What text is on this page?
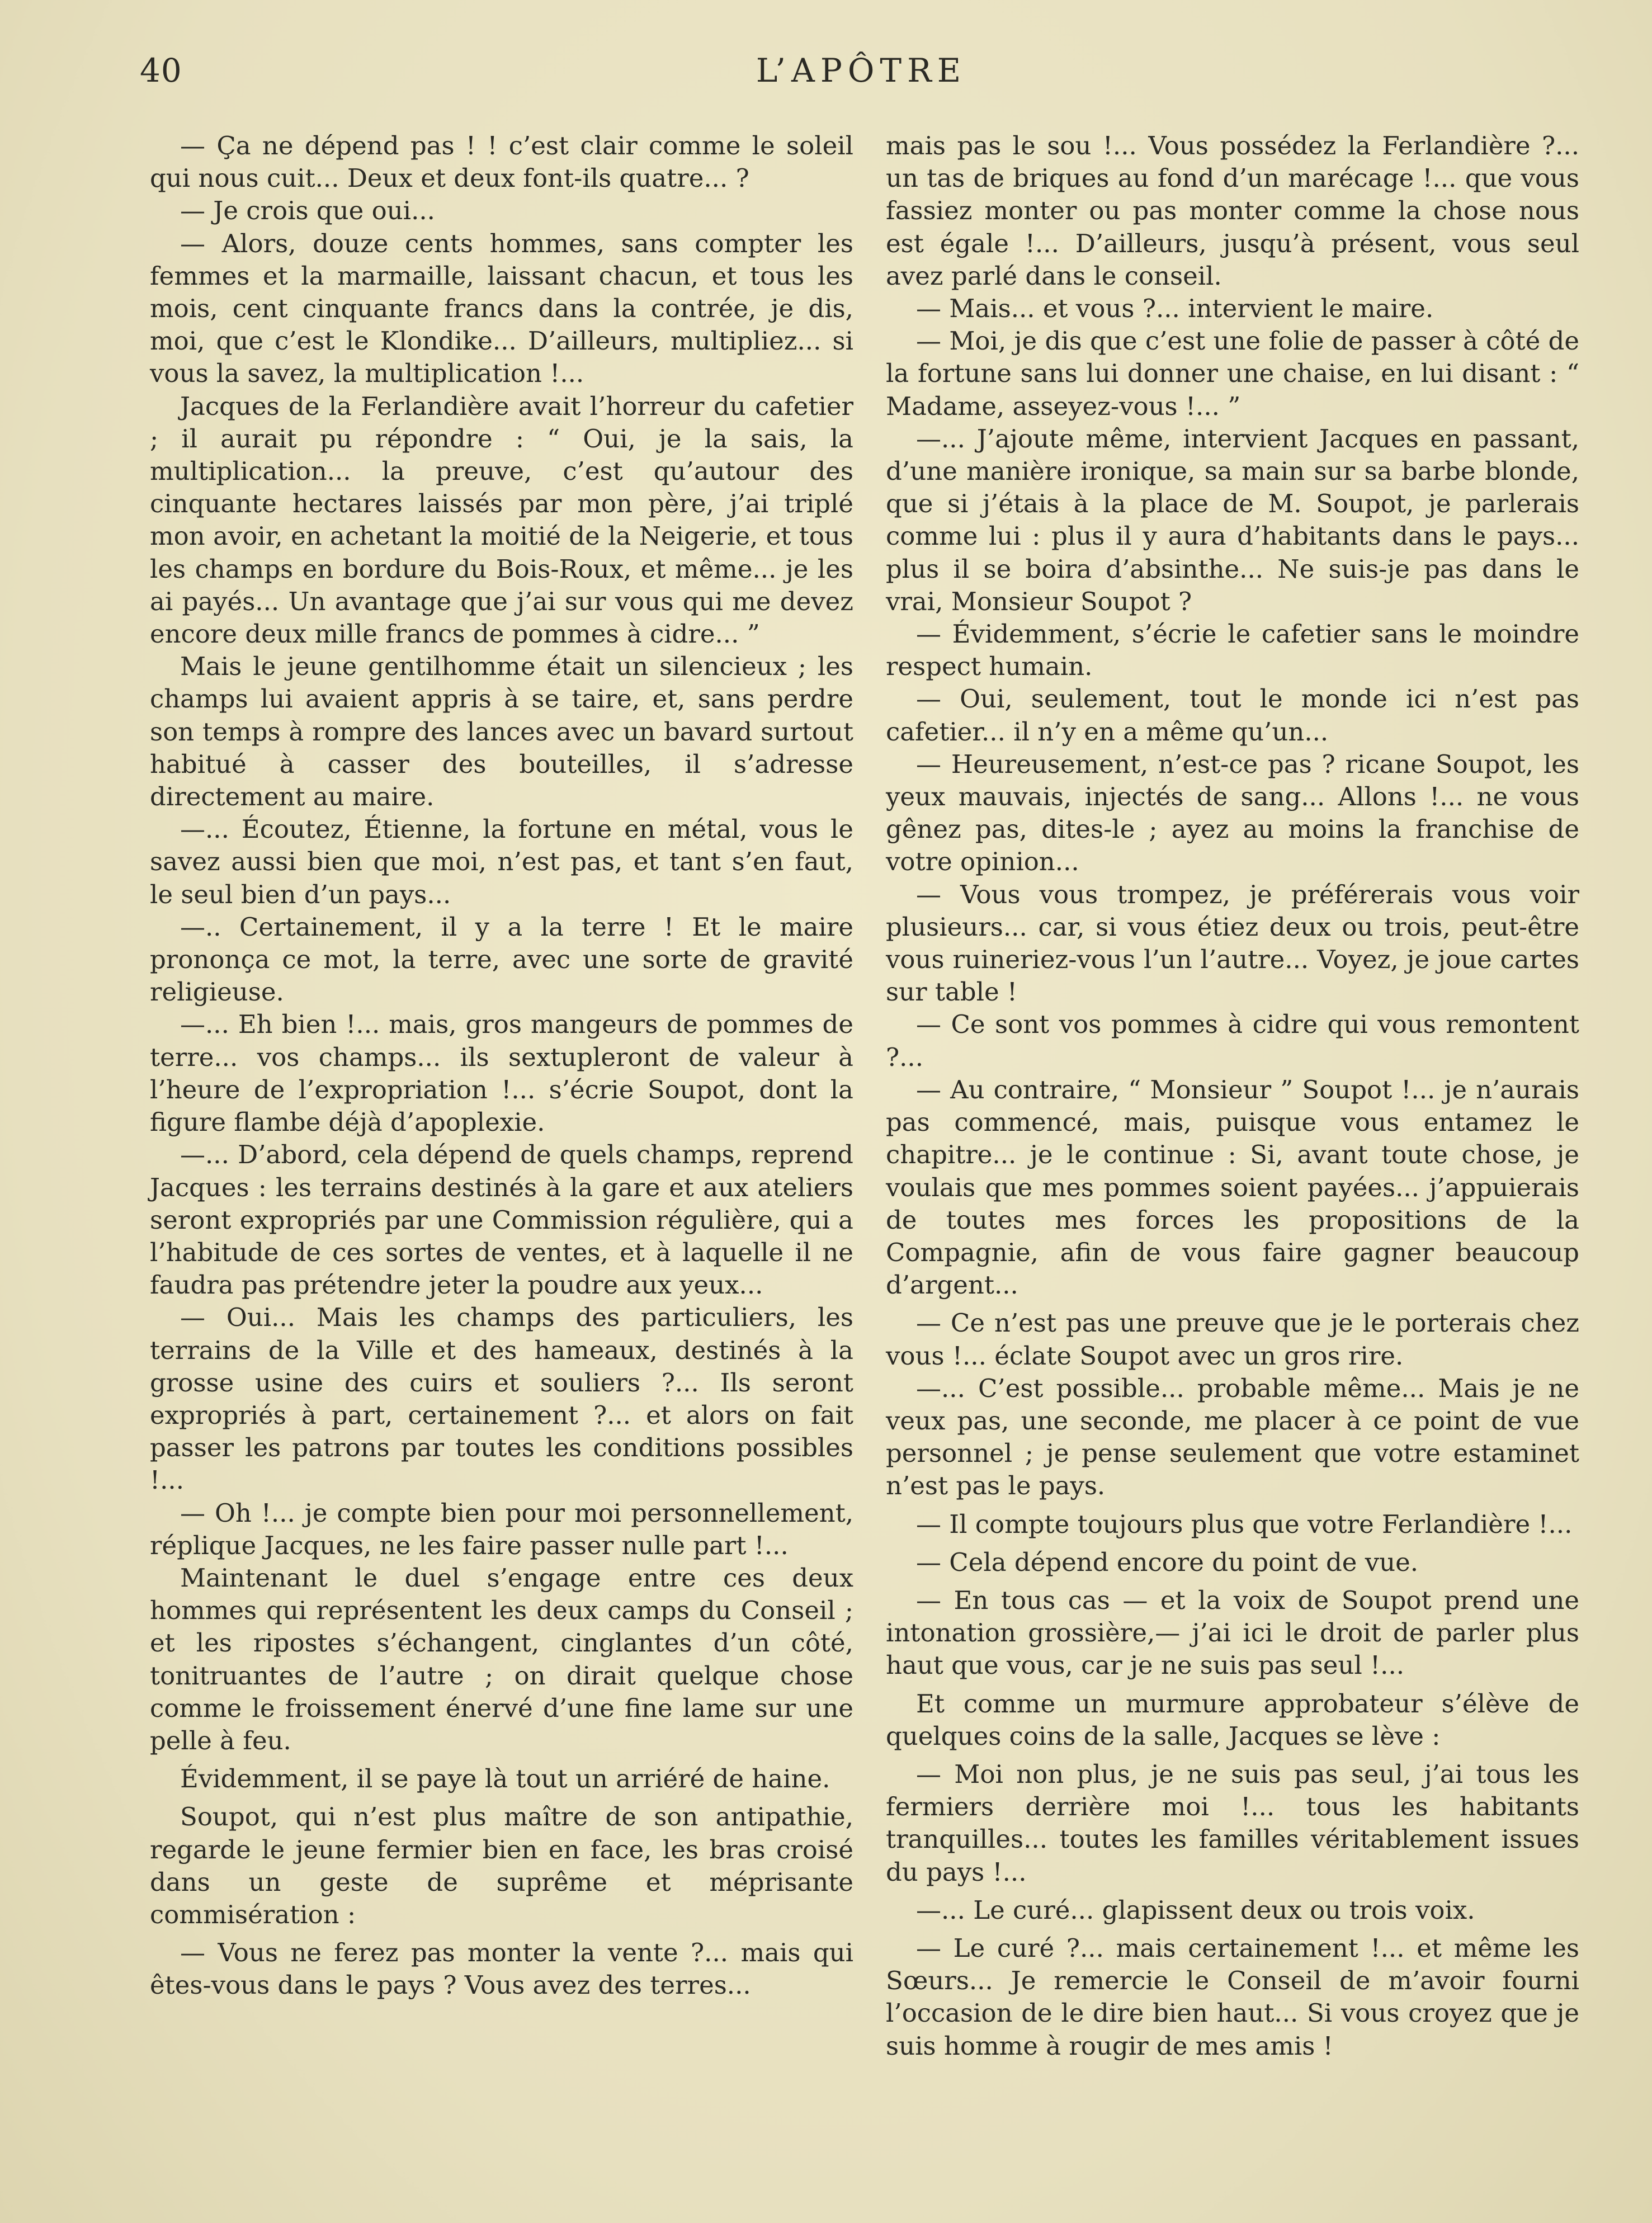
40	L’APÔTRE

— Ça ne dépend pas ! ! c’est clair comme le soleil qui nous cuit... Deux et deux font-ils quatre... ?

— Je crois que oui...

— Alors, douze cents hommes, sans compter les femmes et la marmaille, laissant chacun, et tous les mois, cent cinquante francs dans la contrée, je dis, moi, que c’est le Klondike... D’ailleurs, multipliez... si vous la savez, la multiplication !...

Jacques de la Ferlandière avait l’horreur du cafetier ; il aurait pu répondre : “ Oui, je la sais, la multiplication... la preuve, c’est qu’autour des cinquante hectares laissés par mon père, j’ai triplé mon avoir, en achetant la moitié de la Neigerie, et tous les champs en bordure du Bois-Roux, et même... je les ai payés... Un avantage que j’ai sur vous qui me devez encore deux mille francs de pommes à cidre... ”

Mais le jeune gentilhomme était un silencieux ; les champs lui avaient appris à se taire, et, sans perdre son temps à rompre des lances avec un bavard surtout habitué à casser des bouteilles, il s’adresse directement au maire.

—... Écoutez, Étienne, la fortune en métal, vous le savez aussi bien que moi, n’est pas, et tant s’en faut, le seul bien d’un pays...

—.. Certainement, il y a la terre ! Et le maire prononça ce mot, la terre, avec une sorte de gravité religieuse.

—... Eh bien !... mais, gros mangeurs de pommes de terre... vos champs... ils sextupleront de valeur à l’heure de l’expropriation !... s’écrie Soupot, dont la figure flambe déjà d’apoplexie.

—... D’abord, cela dépend de quels champs, reprend Jacques : les terrains destinés à la gare et aux ateliers seront expropriés par une Commission régulière, qui a l’habitude de ces sortes de ventes, et à laquelle il ne faudra pas prétendre jeter la poudre aux yeux...

— Oui... Mais les champs des particuliers, les terrains de la Ville et des hameaux, destinés à la grosse usine des cuirs et souliers ?... Ils seront expropriés à part, certainement ?... et alors on fait passer les patrons par toutes les conditions possibles !...

— Oh !... je compte bien pour moi personnellement, réplique Jacques, ne les faire passer nulle part !...

Maintenant le duel s’engage entre ces deux hommes qui représentent les deux camps du Conseil ; et les ripostes s’échangent, cinglantes d’un côté, tonitruantes de l’autre ; on dirait quelque chose comme le froissement énervé d’une fine lame sur une pelle à feu.

Évidemment, il se paye là tout un arriéré de haine.

Soupot, qui n’est plus maître de son antipathie, regarde le jeune fermier bien en face, les bras croisé dans un geste de suprême et méprisante commisération :

— Vous ne ferez pas monter la vente ?... mais qui êtes-vous dans le pays ? Vous avez des terres...

mais pas le sou !... Vous possédez la Ferlandière ?... un tas de briques au fond d’un marécage !... que vous fassiez monter ou pas monter comme la chose nous est égale !... D’ailleurs, jusqu’à présent, vous seul avez parlé dans le conseil.

— Mais... et vous ?... intervient le maire.

— Moi, je dis que c’est une folie de passer à côté de la fortune sans lui donner une chaise, en lui disant : “ Madame, asseyez-vous !... ”

—... J’ajoute même, intervient Jacques en passant, d’une manière ironique, sa main sur sa barbe blonde, que si j’étais à la place de M. Soupot, je parlerais comme lui : plus il y aura d’habitants dans le pays... plus il se boira d’absinthe... Ne suis-je pas dans le vrai, Monsieur Soupot ?

— Évidemment, s’écrie le cafetier sans le moindre respect humain.

— Oui, seulement, tout le monde ici n’est pas cafetier... il n’y en a même qu’un...

— Heureusement, n’est-ce pas ? ricane Soupot, les yeux mauvais, injectés de sang... Allons !... ne vous gênez pas, dites-le ; ayez au moins la franchise de votre opinion...

— Vous vous trompez, je préférerais vous voir plusieurs... car, si vous étiez deux ou trois, peut-être vous ruineriez-vous l’un l’autre... Voyez, je joue cartes sur table !

— Ce sont vos pommes à cidre qui vous remontent ?...

— Au contraire, “ Monsieur ” Soupot !... je n’aurais pas commencé, mais, puisque vous entamez le chapitre... je le continue : Si, avant toute chose, je voulais que mes pommes soient payées... j’appuierais de toutes mes forces les propositions de la Compagnie, afin de vous faire gagner beaucoup d’argent...

— Ce n’est pas une preuve que je le porterais chez vous !... éclate Soupot avec un gros rire.

—... C’est possible... probable même... Mais je ne veux pas, une seconde, me placer à ce point de vue personnel ; je pense seulement que votre estaminet n’est pas le pays.

— Il compte toujours plus que votre Ferlandière !...

— Cela dépend encore du point de vue.

— En tous cas — et la voix de Soupot prend une intonation grossière,— j’ai ici le droit de parler plus haut que vous, car je ne suis pas seul !...

Et comme un murmure approbateur s’élève de quelques coins de la salle, Jacques se lève :

— Moi non plus, je ne suis pas seul, j’ai tous les fermiers derrière moi !... tous les habitants tranquilles... toutes les familles véritablement issues du pays !...

—... Le curé... glapissent deux ou trois voix.

— Le curé ?... mais certainement !... et même les Sœurs... Je remercie le Conseil de m’avoir fourni l’occasion de le dire bien haut... Si vous croyez que je suis homme à rougir de mes amis !
